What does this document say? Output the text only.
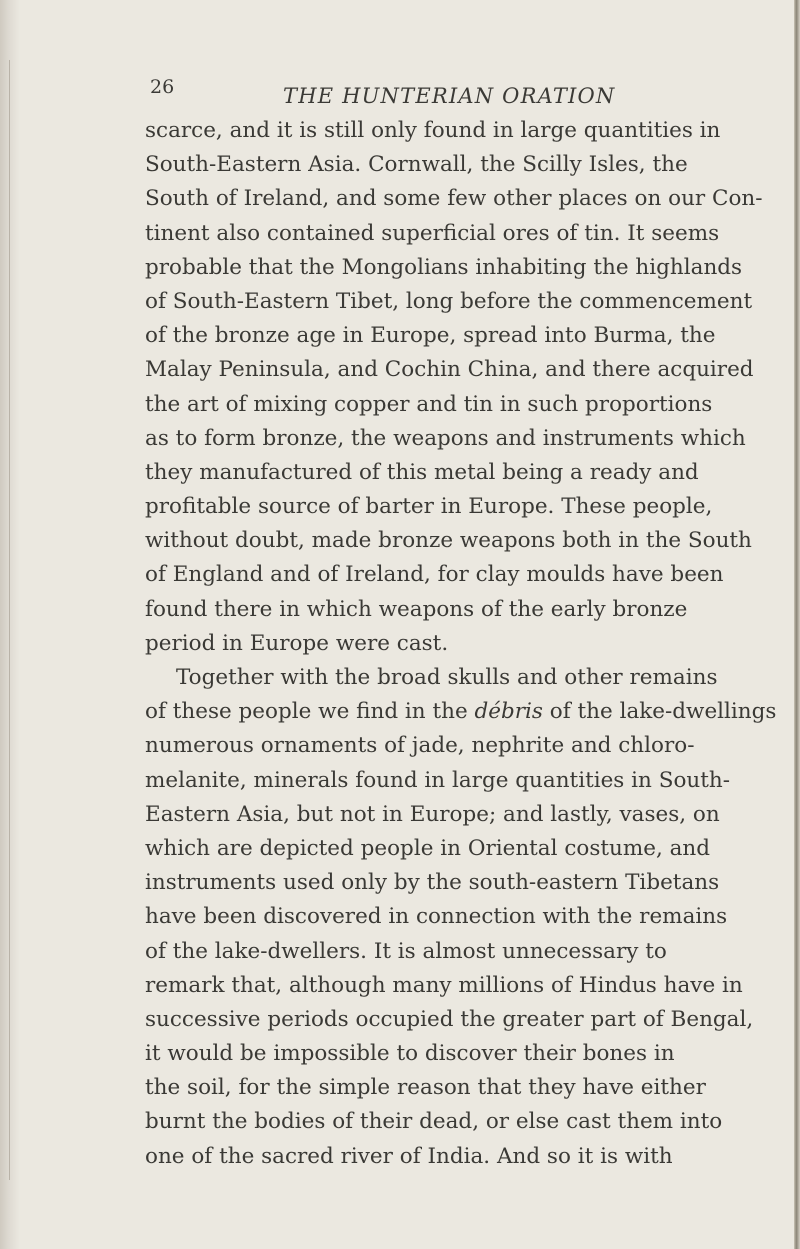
26	THE HUNTERIAN ORATION
scarce, and it is still only found in large quantities in
South-Eastern Asia. Cornwall, the Scilly Isles, the
South of Ireland, and some few other places on our Con-
tinent also contained superficial ores of tin. It seems
probable that the Mongolians inhabiting the highlands
of South-Eastern Tibet, long before the commencement
of the bronze age in Europe, spread into Burma, the
Malay Peninsula, and Cochin China, and there acquired
the art of mixing copper and tin in such proportions
as to form bronze, the weapons and instruments which
they manufactured of this metal being a ready and
profitable source of barter in Europe. These people,
without doubt, made bronze weapons both in the South
of England and of Ireland, for clay moulds have been
found there in which weapons of the early bronze
period in Europe were cast.
Together with the broad skulls and other remains
of these people we find in the débris of the lake-dwellings
numerous ornaments of jade, nephrite and chloro-
melanite, minerals found in large quantities in South-
Eastern Asia, but not in Europe; and lastly, vases, on
which are depicted people in Oriental costume, and
instruments used only by the south-eastern Tibetans
have been discovered in connection with the remains
of the lake-dwellers. It is almost unnecessary to
remark that, although many millions of Hindus have in
successive periods occupied the greater part of Bengal,
it would be impossible to discover their bones in
the soil, for the simple reason that they have either
burnt the bodies of their dead, or else cast them into
one of the sacred river of India. And so it is with
